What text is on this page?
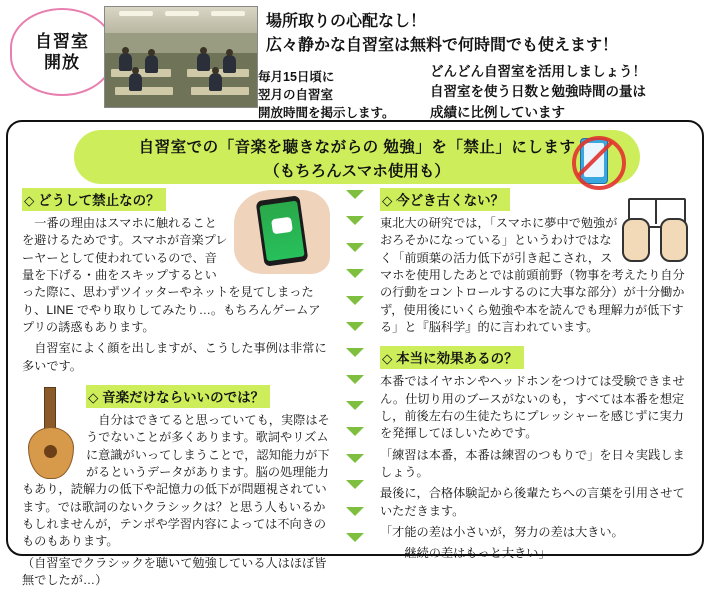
自習室
開放
場所取りの心配なし！
広々静かな自習室は無料で何時間でも使えます！
毎月15日頃に
翌月の自習室
開放時間を掲示します。
どんどん自習室を活用しましょう！
自習室を使う日数と勉強時間の量は
成績に比例しています
自習室での「音楽を聴きながらの 勉強」を「禁止」にします
（もちろんスマホ使用も）
◇ どうして禁止なの？

一番の理由はスマホに触れることを避けるためです。スマホが音楽プレーヤーとして使われているので、音量を下げる・曲をスキップするといった際に、思わずツイッターやネットを見てしまったり、LINE でやり取りしてみたり…。もちろんゲームアプリの誘惑もあります。

自習室によく顔を出しますが、こうした事例は非常に多いです。

◇ 音楽だけならいいのでは？

自分はできてると思っていても，実際はそうでないことが多くあります。歌詞やリズムに意識がいってしまうことで，認知能力が下がるというデータがあります。脳の処理能力もあり，読解力の低下や記憶力の低下が問題視されています。では歌詞のないクラシックは？と思う人もいるかもしれませんが，テンポや学習内容によっては不向きのものもあります。

（自習室でクラシックを聴いて勉強している人はほぼ皆無でしたが…）

◇ 今どき古くない？

東北大の研究では，「スマホに夢中で勉強がおろそかになっている」というわけではなく「前頭葉の活力低下が引き起こされ，スマホを使用したあとでは前頭前野（物事を考えたり自分の行動をコントロールするのに大事な部分）が十分働かず，使用後にいくら勉強や本を読んでも理解力が低下する」と『脳科学』的に言われています。

◇ 本当に効果あるの？

本番ではイヤホンやヘッドホンをつけては受験できません。仕切り用のブースがないのも，すべては本番を想定し，前後左右の生徒たちにプレッシャーを感じずに実力を発揮してほしいためです。

「練習は本番，本番は練習のつもりで」を日々実践しましょう。

最後に，合格体験記から後輩たちへの言葉を引用させていただきます。

「才能の差は小さいが，努力の差は大きい。

継続の差はもっと大きい」
